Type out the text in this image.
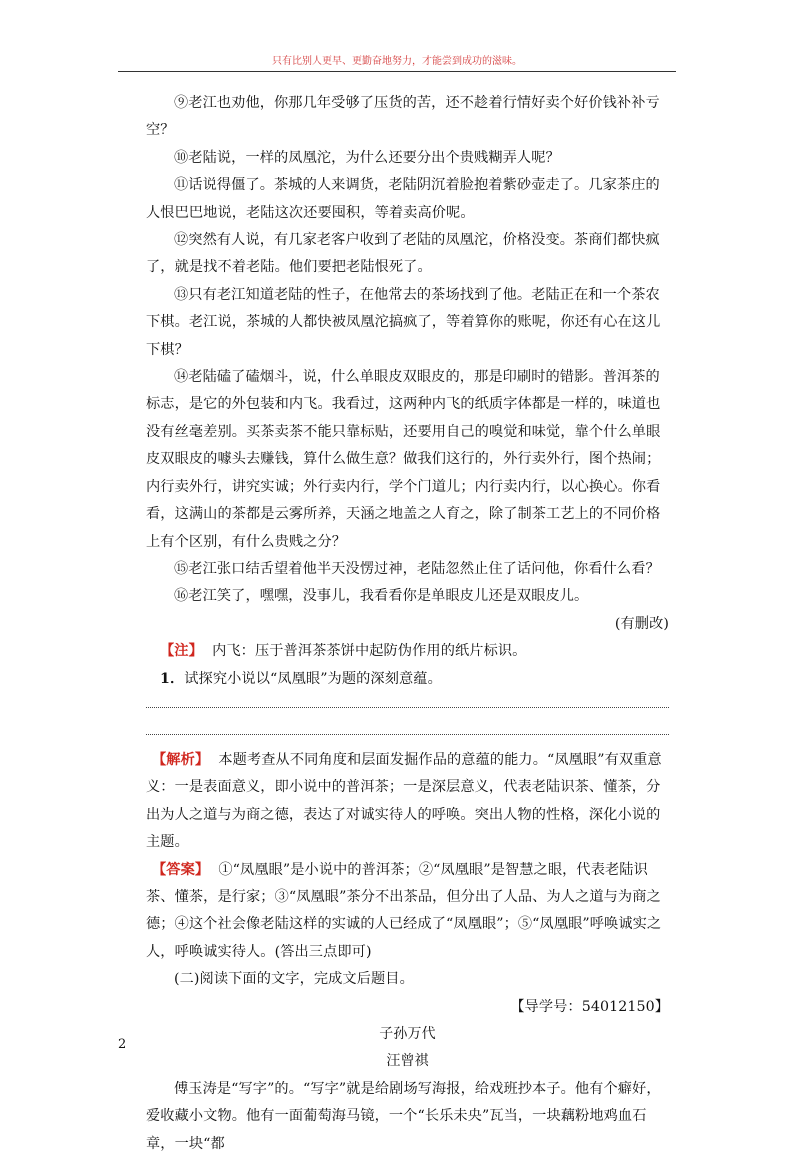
只有比别人更早、更勤奋地努力，才能尝到成功的滋味。

⑨老江也劝他，你那几年受够了压货的苦，还不趁着行情好卖个好价钱补补亏空？

⑩老陆说，一样的凤凰沱，为什么还要分出个贵贱糊弄人呢？

⑪话说得僵了。茶城的人来调货，老陆阴沉着脸抱着紫砂壶走了。几家茶庄的人恨巴巴地说，老陆这次还要囤积，等着卖高价呢。

⑫突然有人说，有几家老客户收到了老陆的凤凰沱，价格没变。茶商们都快疯了，就是找不着老陆。他们要把老陆恨死了。

⑬只有老江知道老陆的性子，在他常去的茶场找到了他。老陆正在和一个茶农下棋。老江说，茶城的人都快被凤凰沱搞疯了，等着算你的账呢，你还有心在这儿下棋？

⑭老陆磕了磕烟斗，说，什么单眼皮双眼皮的，那是印刷时的错影。普洱茶的标志，是它的外包装和内飞。我看过，这两种内飞的纸质字体都是一样的，味道也没有丝毫差别。买茶卖茶不能只靠标贴，还要用自己的嗅觉和味觉，靠个什么单眼皮双眼皮的噱头去赚钱，算什么做生意？做我们这行的，外行卖外行，图个热闹；内行卖外行，讲究实诚；外行卖内行，学个门道儿；内行卖内行，以心换心。你看看，这满山的茶都是云雾所养，天涵之地盖之人育之，除了制茶工艺上的不同价格上有个区别，有什么贵贱之分？

⑮老江张口结舌望着他半天没愣过神，老陆忽然止住了话问他，你看什么看？

⑯老江笑了，嘿嘿，没事儿，我看看你是单眼皮儿还是双眼皮儿。

(有删改)

【注】 内飞：压于普洱茶茶饼中起防伪作用的纸片标识。

1．试探究小说以“凤凰眼”为题的深刻意蕴。

【解析】 本题考查从不同角度和层面发掘作品的意蕴的能力。“凤凰眼”有双重意义：一是表面意义，即小说中的普洱茶；一是深层意义，代表老陆识茶、懂茶，分出为人之道与为商之德，表达了对诚实待人的呼唤。突出人物的性格，深化小说的主题。

【答案】 ①“凤凰眼”是小说中的普洱茶；②“凤凰眼”是智慧之眼，代表老陆识茶、懂茶，是行家；③“凤凰眼”茶分不出茶品，但分出了人品、为人之道与为商之德；④这个社会像老陆这样的实诚的人已经成了“凤凰眼”；⑤“凤凰眼”呼唤诚实之人，呼唤诚实待人。(答出三点即可)

(二)阅读下面的文字，完成文后题目。

【导学号：54012150】

子孙万代

汪曾祺

傅玉涛是“写字”的。“写字”就是给剧场写海报，给戏班抄本子。他有个癖好，爱收藏小文物。他有一面葡萄海马镜，一个“长乐未央”瓦当，一块藕粉地鸡血石章，一块“都

2
